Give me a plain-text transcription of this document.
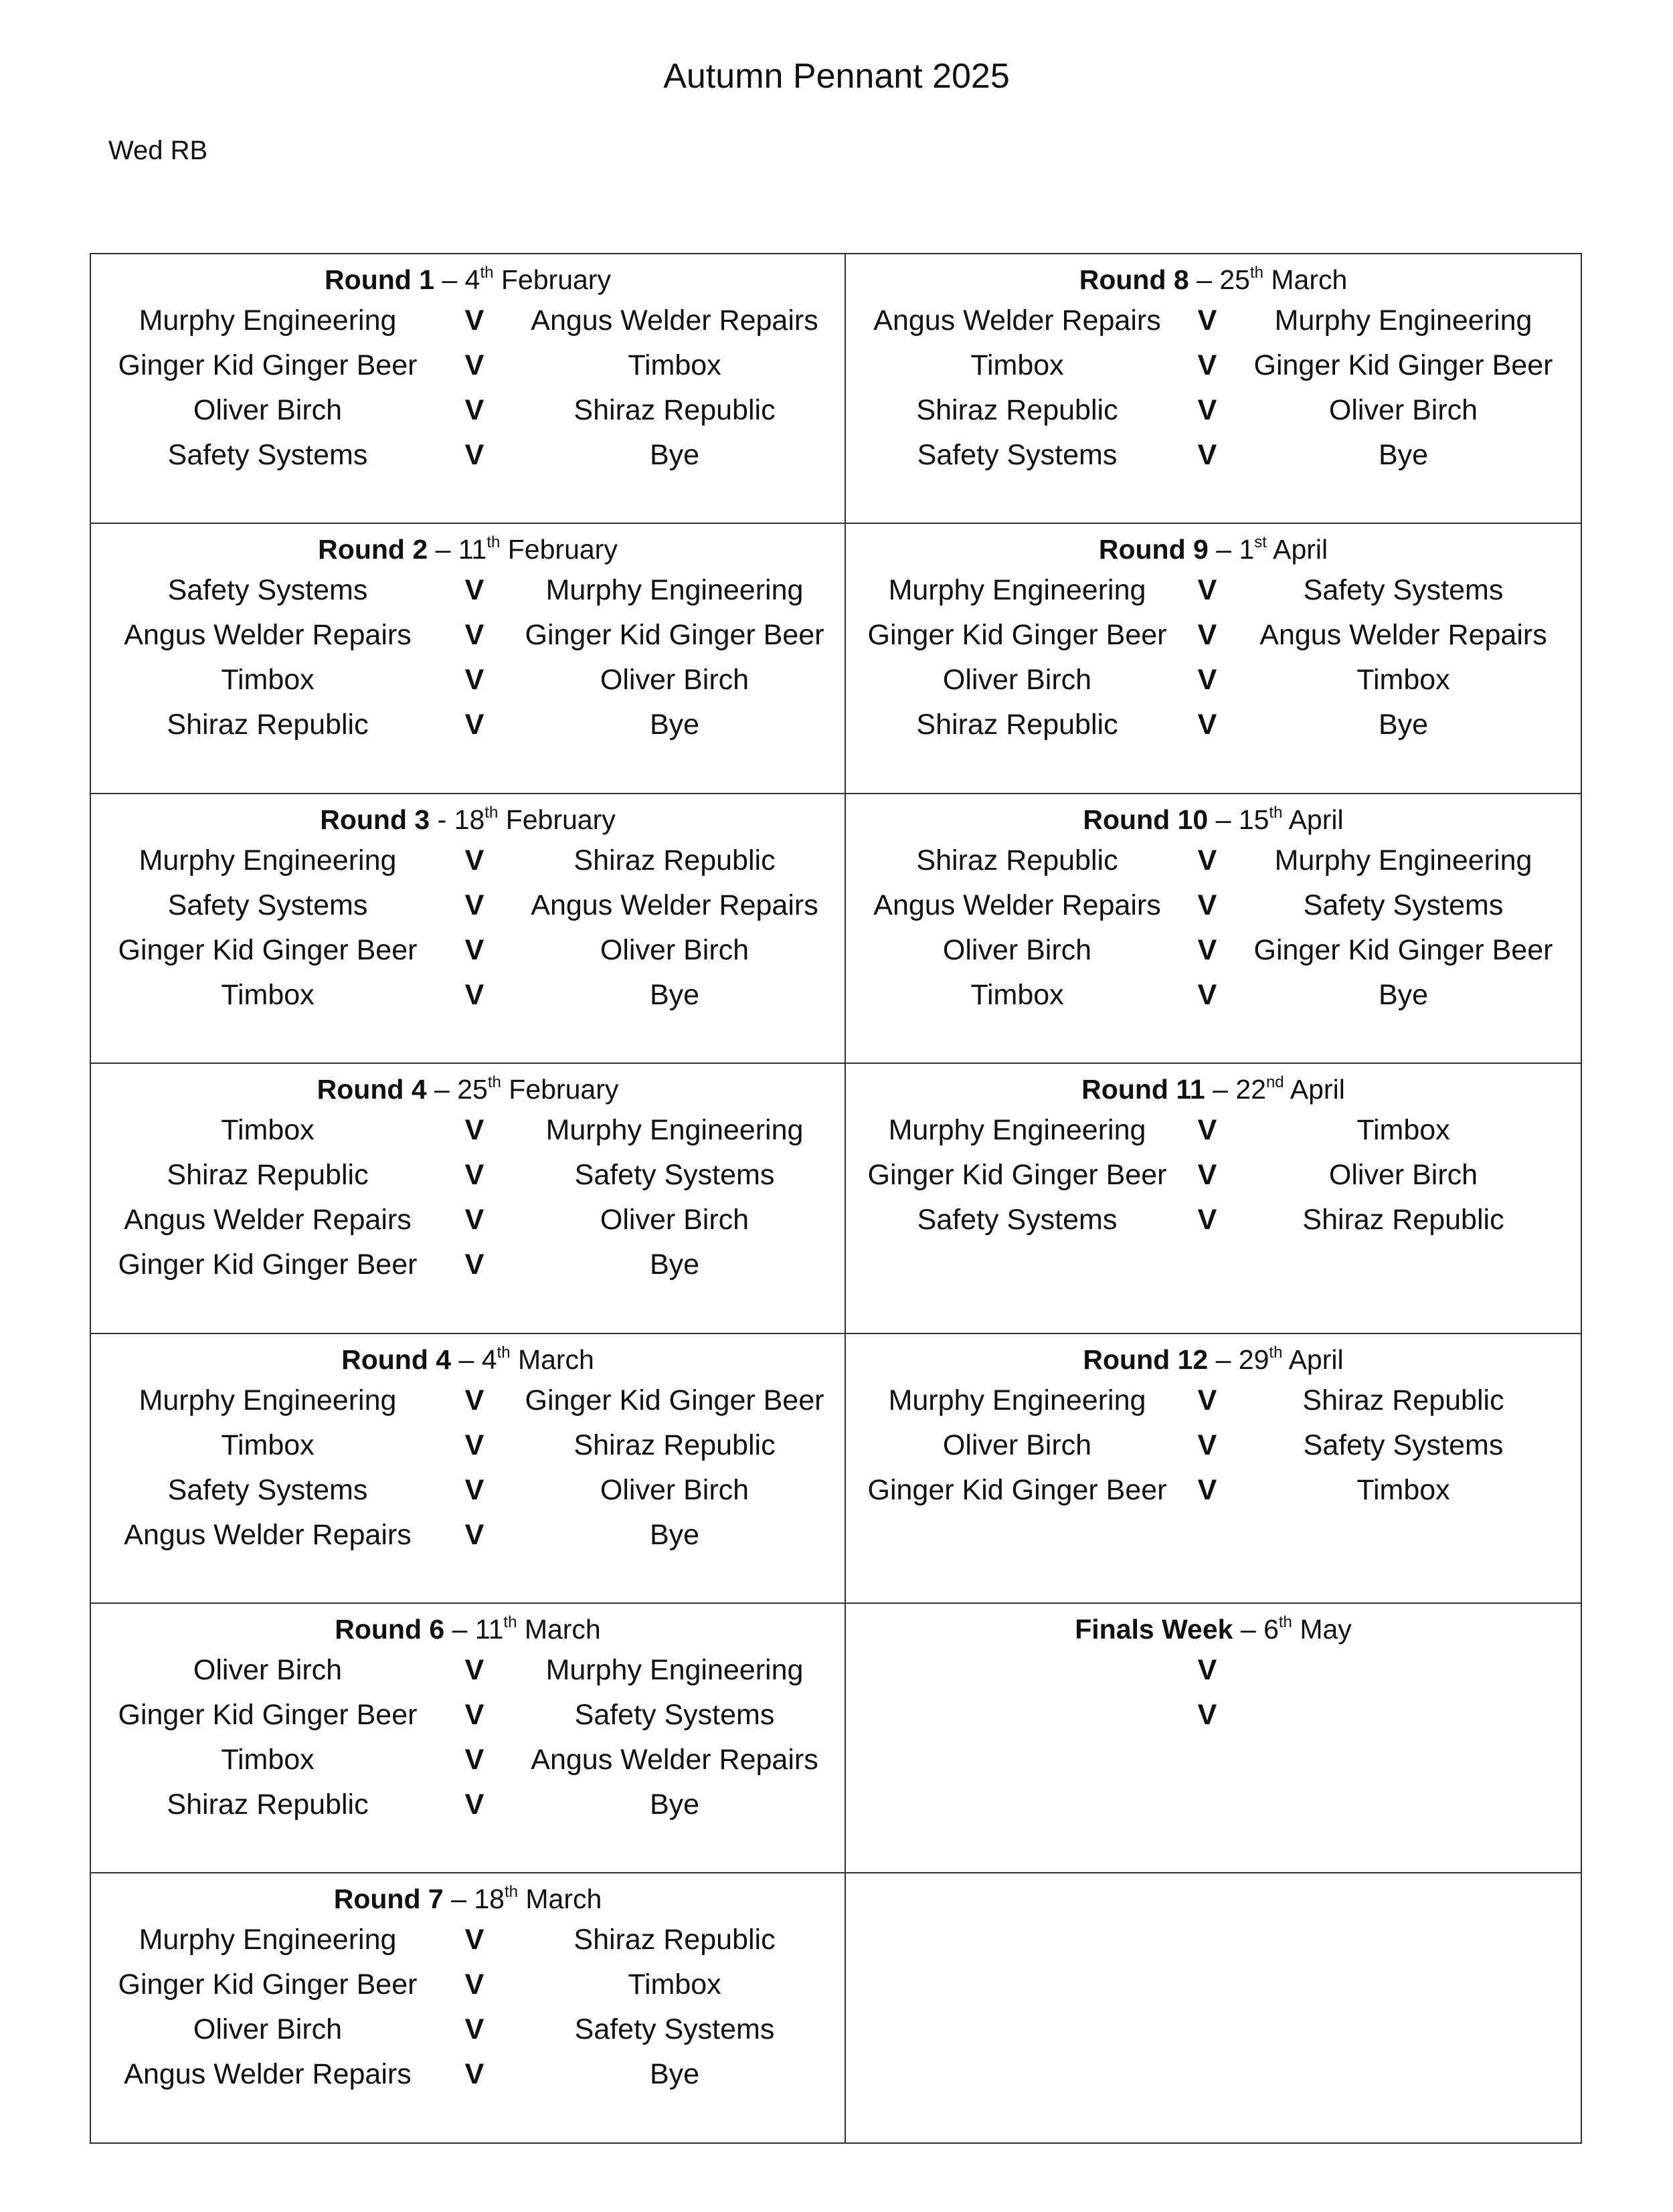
Autumn Pennant 2025
Wed RB
Round 1 – 4th February
Murphy Engineering	V	Angus Welder Repairs
Ginger Kid Ginger Beer	V	Timbox
Oliver Birch	V	Shiraz Republic
Safety Systems	V	Bye
Round 8 – 25th March
Angus Welder Repairs	V	Murphy Engineering
Timbox	V	Ginger Kid Ginger Beer
Shiraz Republic	V	Oliver Birch
Safety Systems	V	Bye
Round 2 – 11th February
Safety Systems	V	Murphy Engineering
Angus Welder Repairs	V	Ginger Kid Ginger Beer
Timbox	V	Oliver Birch
Shiraz Republic	V	Bye
Round 9 – 1st April
Murphy Engineering	V	Safety Systems
Ginger Kid Ginger Beer	V	Angus Welder Repairs
Oliver Birch	V	Timbox
Shiraz Republic	V	Bye
Round 3 - 18th February
Murphy Engineering	V	Shiraz Republic
Safety Systems	V	Angus Welder Repairs
Ginger Kid Ginger Beer	V	Oliver Birch
Timbox	V	Bye
Round 10 – 15th April
Shiraz Republic	V	Murphy Engineering
Angus Welder Repairs	V	Safety Systems
Oliver Birch	V	Ginger Kid Ginger Beer
Timbox	V	Bye
Round 4 – 25th February
Timbox	V	Murphy Engineering
Shiraz Republic	V	Safety Systems
Angus Welder Repairs	V	Oliver Birch
Ginger Kid Ginger Beer	V	Bye
Round 11 – 22nd April
Murphy Engineering	V	Timbox
Ginger Kid Ginger Beer	V	Oliver Birch
Safety Systems	V	Shiraz Republic
Round 4 – 4th March
Murphy Engineering	V	Ginger Kid Ginger Beer
Timbox	V	Shiraz Republic
Safety Systems	V	Oliver Birch
Angus Welder Repairs	V	Bye
Round 12 – 29th April
Murphy Engineering	V	Shiraz Republic
Oliver Birch	V	Safety Systems
Ginger Kid Ginger Beer	V	Timbox
Round 6 – 11th March
Oliver Birch	V	Murphy Engineering
Ginger Kid Ginger Beer	V	Safety Systems
Timbox	V	Angus Welder Repairs
Shiraz Republic	V	Bye
Finals Week – 6th May
V
V
Round 7 – 18th March
Murphy Engineering	V	Shiraz Republic
Ginger Kid Ginger Beer	V	Timbox
Oliver Birch	V	Safety Systems
Angus Welder Repairs	V	Bye
